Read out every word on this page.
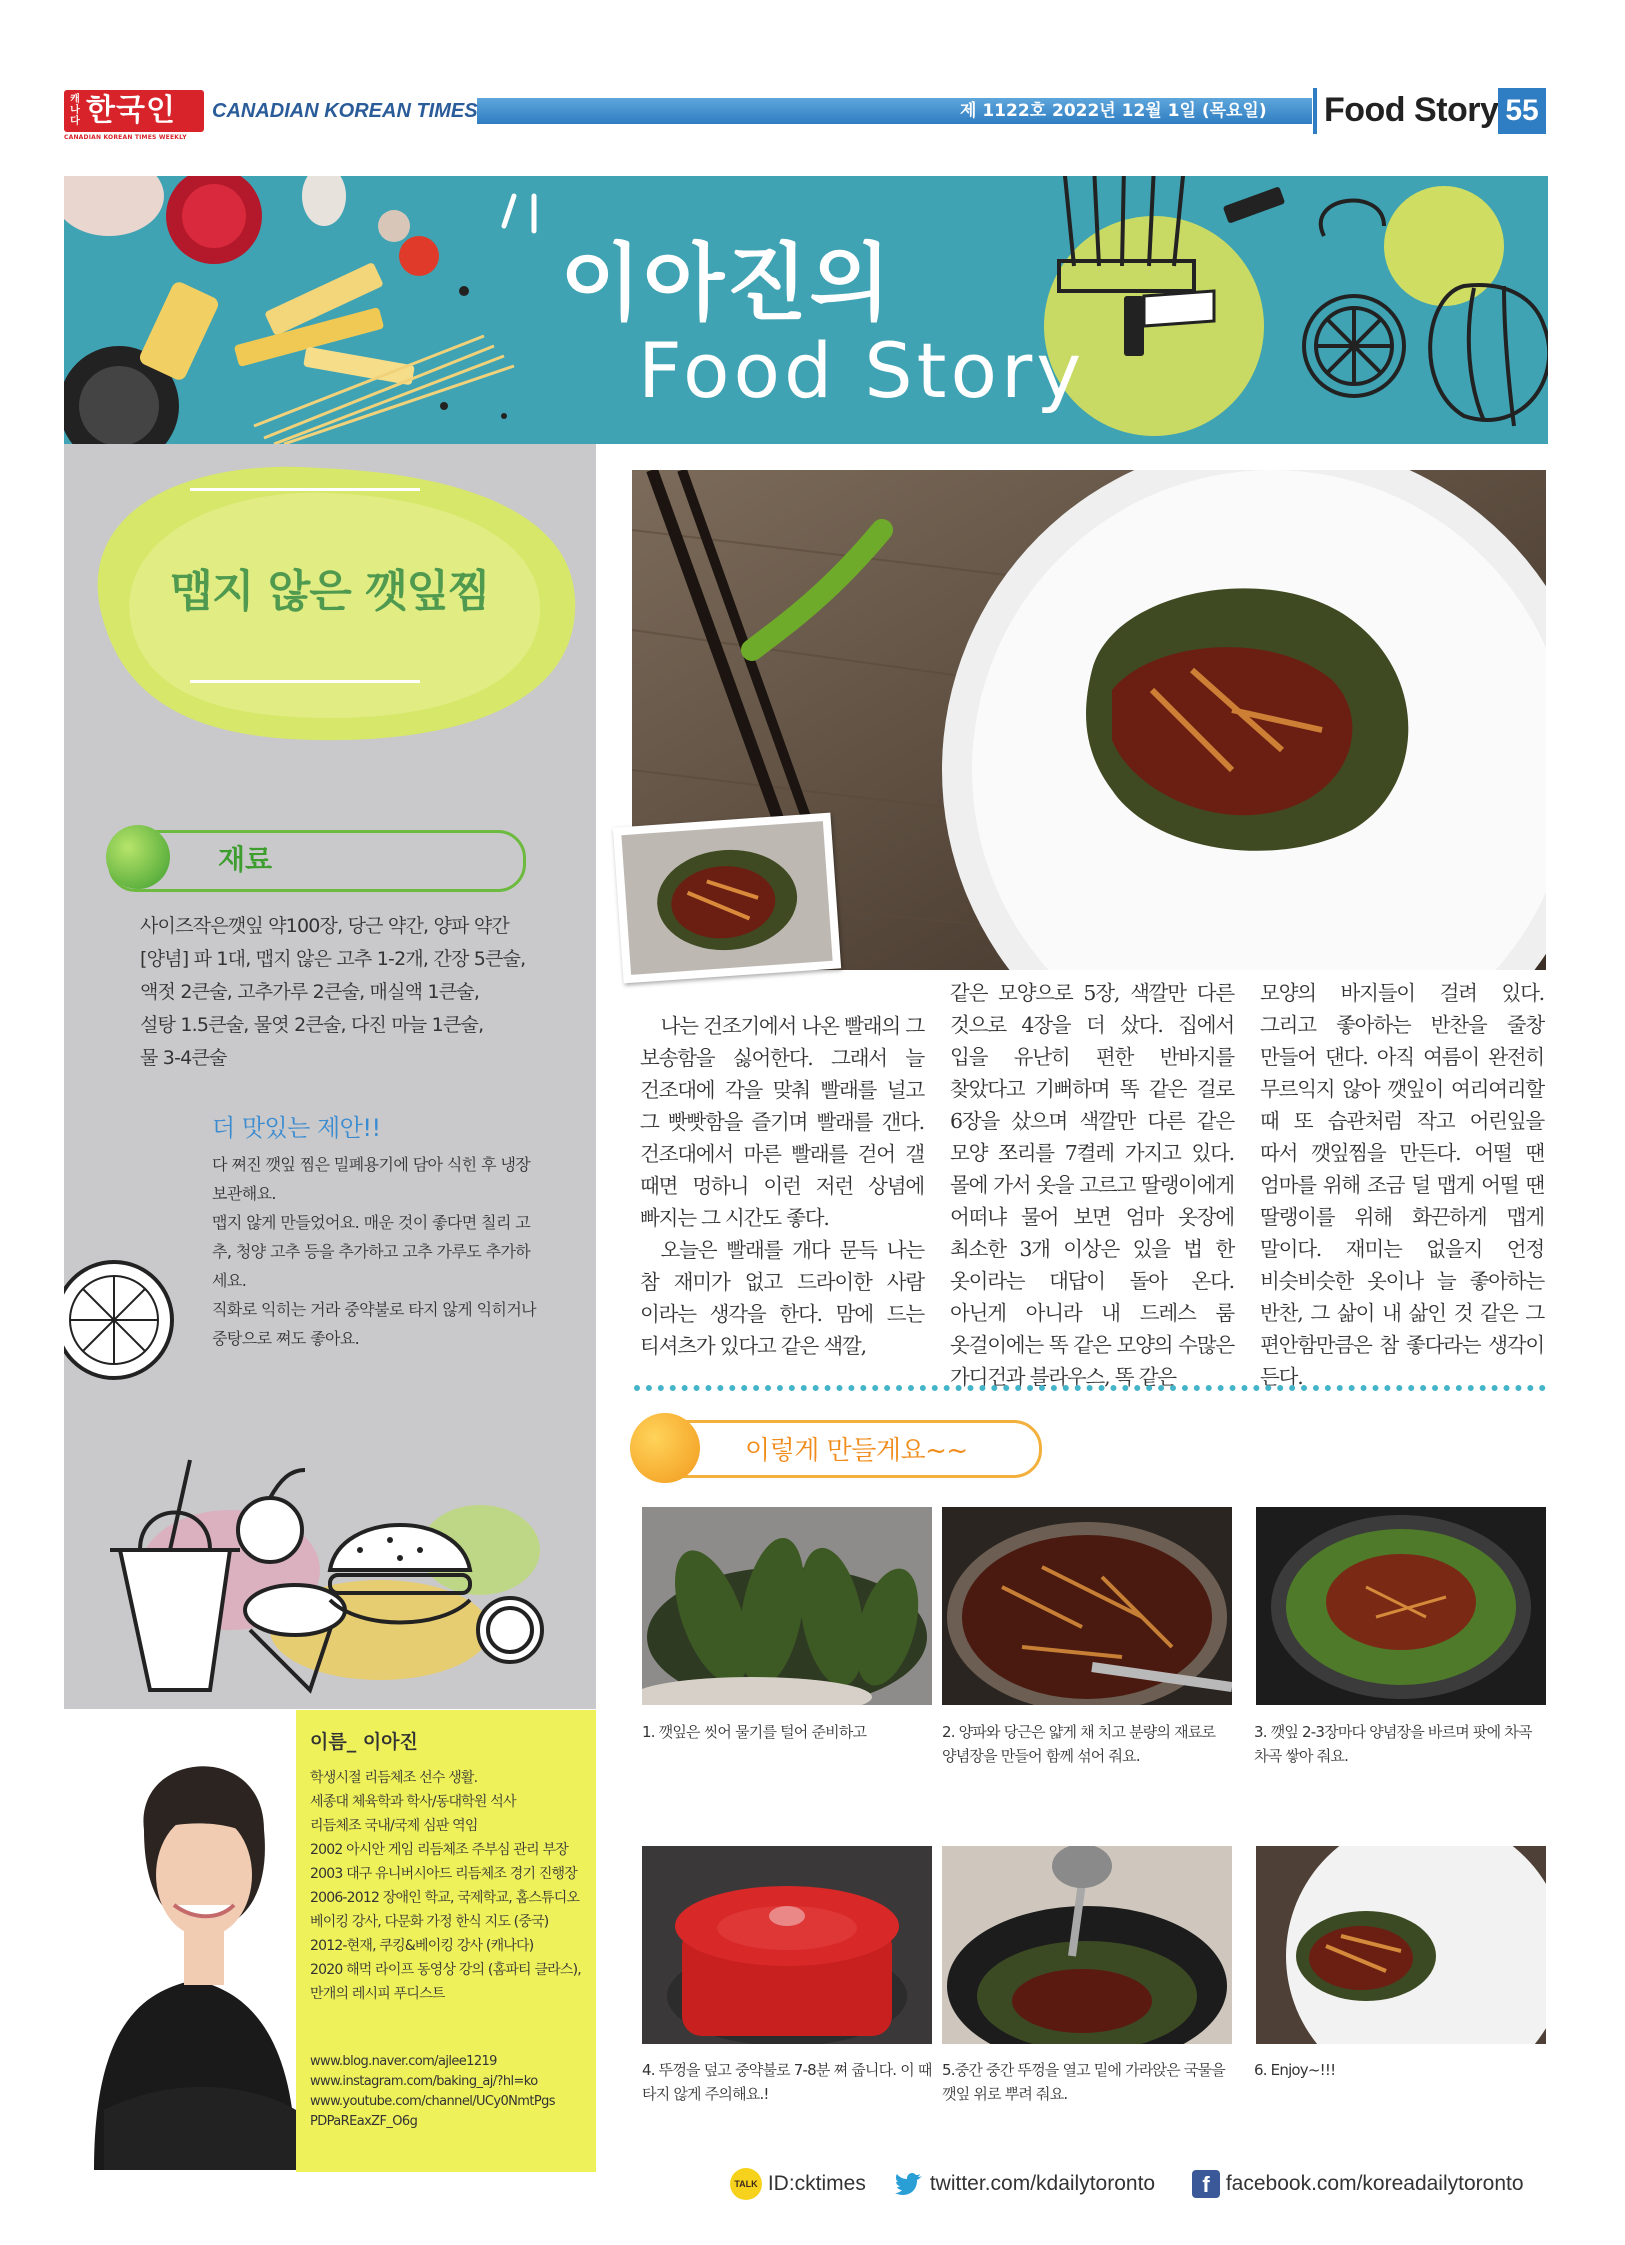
캐나다 한국인
CANADIAN KOREAN TIMES WEEKLY
CANADIAN KOREAN TIMES	제 1122호 2022년 12월 1일 (목요일) Food Story 55
이아진의
Food Story
맵지 않은 깻잎찜
재료
사이즈작은깻잎 약100장, 당근 약간, 양파 약간
[양념] 파 1대, 맵지 않은 고추 1-2개, 간장 5큰술,
액젓 2큰술, 고추가루 2큰술, 매실액 1큰술,
설탕 1.5큰술, 물엿 2큰술, 다진 마늘 1큰술,
물 3-4큰술
더 맛있는 제안!!

다 쪄진 깻잎 찜은 밀폐용기에 담아 식힌 후 냉장 보관해요.

맵지 않게 만들었어요. 매운 것이 좋다면 칠리 고추, 청양 고추 등을 추가하고 고추 가루도 추가하세요.

직화로 익히는 거라 중약불로 타지 않게 익히거나 중탕으로 쪄도 좋아요.

이름_ 이아진
학생시절 리듬체조 선수 생활.
세종대 체육학과 학사/동대학원 석사
리듬체조 국내/국제 심판 역임
2002 아시안 게임 리듬체조 주부심 관리 부장
2003 대구 유니버시아드 리듬체조 경기 진행장
2006-2012 장애인 학교, 국제학교, 홈스튜디오
베이킹 강사, 다문화 가정 한식 지도 (중국)
2012-현재, 쿠킹&베이킹 강사 (캐나다)
2020 해먹 라이프 동영상 강의 (홈파티 클라스),
만개의 레시피 푸디스트
www.blog.naver.com/ajlee1219
www.instagram.com/baking_aj/?hl=ko
www.youtube.com/channel/UCy0NmtPgs
PDPaREaxZF_O6g

나는 건조기에서 나온 빨래의 그 보송함을 싫어한다. 그래서 늘 건조대에 각을 맞춰 빨래를 널고 그 빳빳함을 즐기며 빨래를 갠다. 건조대에서 마른 빨래를 걷어 갤 때면 멍하니 이런 저런 상념에 빠지는 그 시간도 좋다.

오늘은 빨래를 개다 문득 나는 참 재미가 없고 드라이한 사람 이라는 생각을 한다. 맘에 드는 티셔츠가 있다고 같은 색깔,

같은 모양으로 5장, 색깔만 다른 것으로 4장을 더 샀다. 집에서 입을 유난히 편한 반바지를 찾았다고 기뻐하며 똑 같은 걸로 6장을 샀으며 색깔만 다른 같은 모양 쪼리를 7켤레 가지고 있다. 몰에 가서 옷을 고르고 딸랭이에게 어떠냐 물어 보면 엄마 옷장에 최소한 3개 이상은 있을 법 한 옷이라는 대답이 돌아 온다. 아닌게 아니라 내 드레스 룸 옷걸이에는 똑 같은 모양의 수많은 가디건과 블라우스, 똑 같은
모양의 바지들이 걸려 있다. 그리고 좋아하는 반찬을 줄창 만들어 댄다. 아직 여름이 완전히 무르익지 않아 깻잎이 여리여리할 때 또 습관처럼 작고 어린잎을 따서 깻잎찜을 만든다. 어떨 땐 엄마를 위해 조금 덜 맵게 어떨 땐 딸랭이를 위해 화끈하게 맵게 말이다. 재미는 없을지 언정 비슷비슷한 옷이나 늘 좋아하는 반찬, 그 삶이 내 삶인 것 같은 그 편안함만큼은 참 좋다라는 생각이 든다.
이렇게 만들게요~~
1. 깻잎은 씻어 물기를 털어 준비하고	2. 양파와 당근은 얇게 채 치고 분량의 재료로 양념장을 만들어 함께 섞어 줘요.
3. 깻잎 2-3장마다 양념장을 바르며 팟에 차곡 차곡 쌓아 줘요.
4. 뚜껑을 덮고 중약불로 7-8분 쪄 줍니다. 이 때 타지 않게 주의해요.!
5.중간 중간 뚜껑을 열고 밑에 가라앉은 국물을 깻잎 위로 뿌려 줘요.
6. Enjoy~!!!
TALK ID:cktimes	twitter.com/kdailytoronto	f facebook.com/koreadailytoronto
